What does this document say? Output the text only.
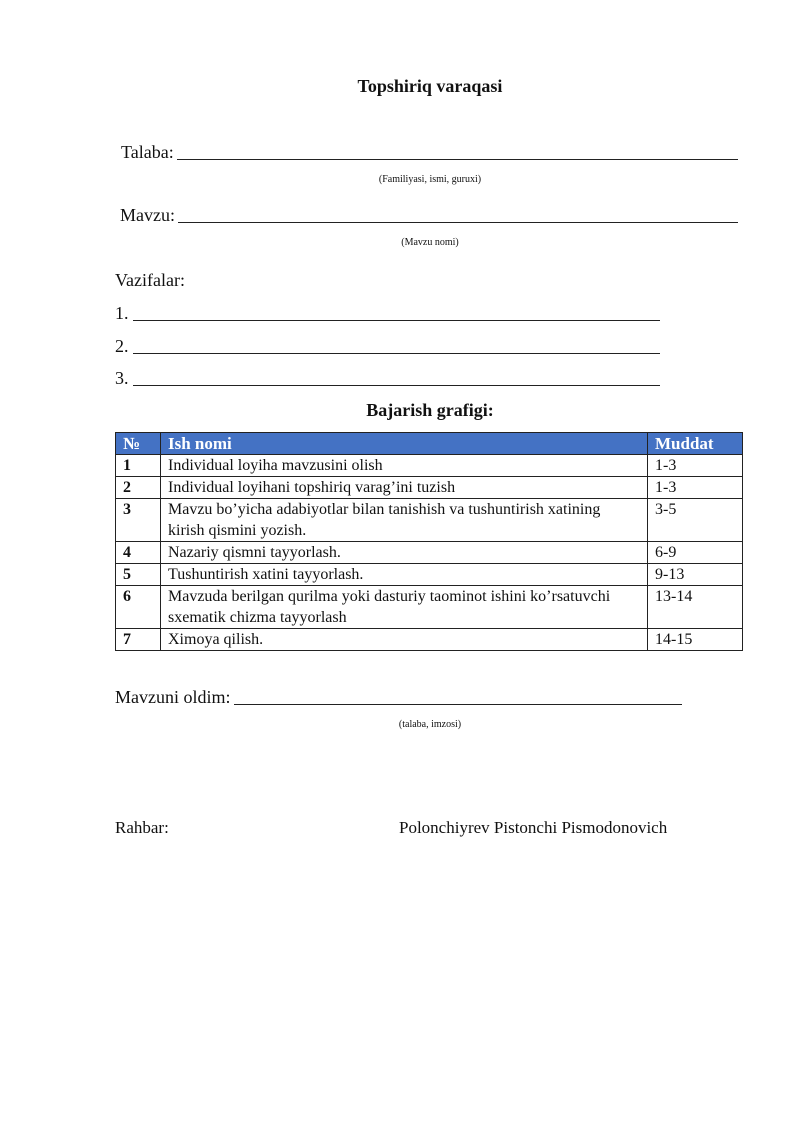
Topshiriq varaqasi
Talaba:
(Familiyasi, ismi, guruxi)
Mavzu:
(Mavzu nomi)
Vazifalar:
1.
2.
3.
Bajarish grafigi:
№	Ish nomi	Muddat
1	Individual loyiha mavzusini olish	1-3
2	Individual loyihani topshiriq varag’ini tuzish	1-3
3	Mavzu bo’yicha adabiyotlar bilan tanishish va tushuntirish xatining kirish qismini yozish.	3-5
4	Nazariy qismni tayyorlash.	6-9
5	Tushuntirish xatini tayyorlash.	9-13
6	Mavzuda berilgan qurilma yoki dasturiy taominot ishini ko’rsatuvchi sxematik chizma tayyorlash	13-14
7	Ximoya qilish.	14-15
Mavzuni oldim:
(talaba, imzosi)
Rahbar:	Polonchiyrev Pistonchi Pismodonovich
